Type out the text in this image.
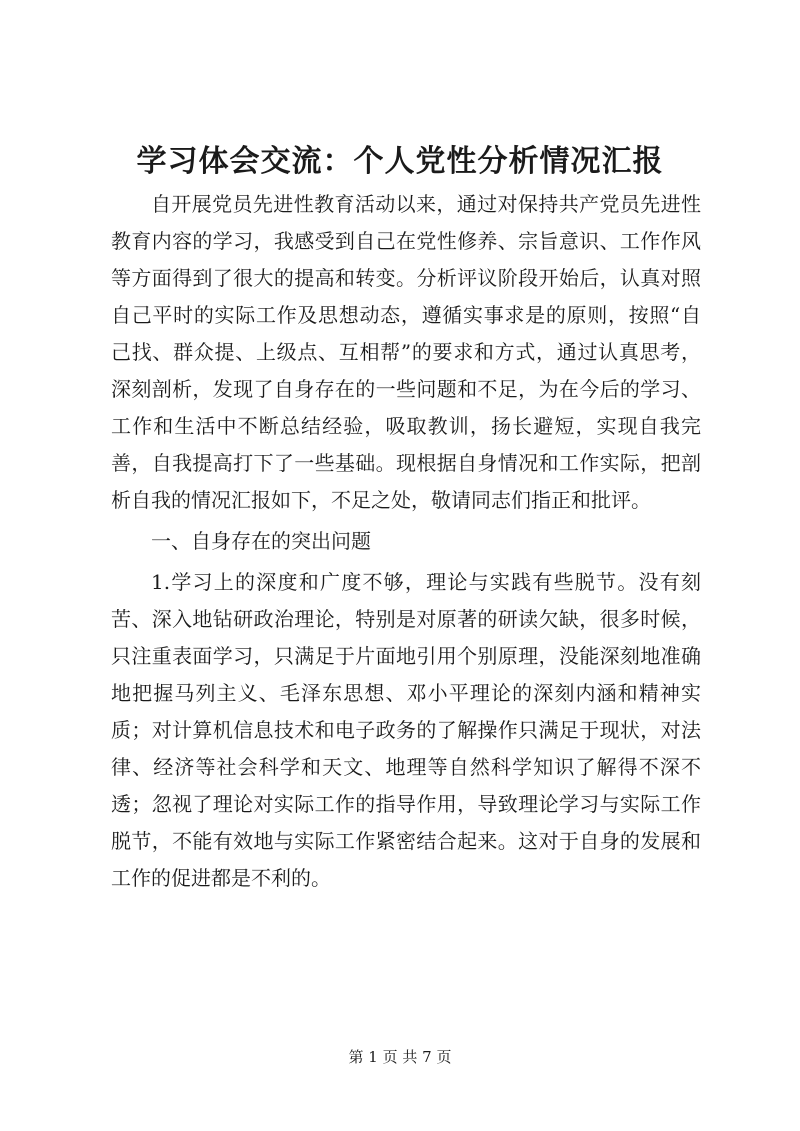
学习体会交流：个人党性分析情况汇报

自开展党员先进性教育活动以来，通过对保持共产党员先进性教育内容的学习，我感受到自己在党性修养、宗旨意识、工作作风等方面得到了很大的提高和转变。分析评议阶段开始后，认真对照自己平时的实际工作及思想动态，遵循实事求是的原则，按照“自己找、群众提、上级点、互相帮”的要求和方式，通过认真思考，深刻剖析，发现了自身存在的一些问题和不足，为在今后的学习、工作和生活中不断总结经验，吸取教训，扬长避短，实现自我完善，自我提高打下了一些基础。现根据自身情况和工作实际，把剖析自我的情况汇报如下，不足之处，敬请同志们指正和批评。

一、自身存在的突出问题

1.学习上的深度和广度不够，理论与实践有些脱节。没有刻苦、深入地钻研政治理论，特别是对原著的研读欠缺，很多时候，只注重表面学习，只满足于片面地引用个别原理，没能深刻地准确地把握马列主义、毛泽东思想、邓小平理论的深刻内涵和精神实质；对计算机信息技术和电子政务的了解操作只满足于现状，对法律、经济等社会科学和天文、地理等自然科学知识了解得不深不透；忽视了理论对实际工作的指导作用，导致理论学习与实际工作脱节，不能有效地与实际工作紧密结合起来。这对于自身的发展和工作的促进都是不利的。

第 1 页 共 7 页
